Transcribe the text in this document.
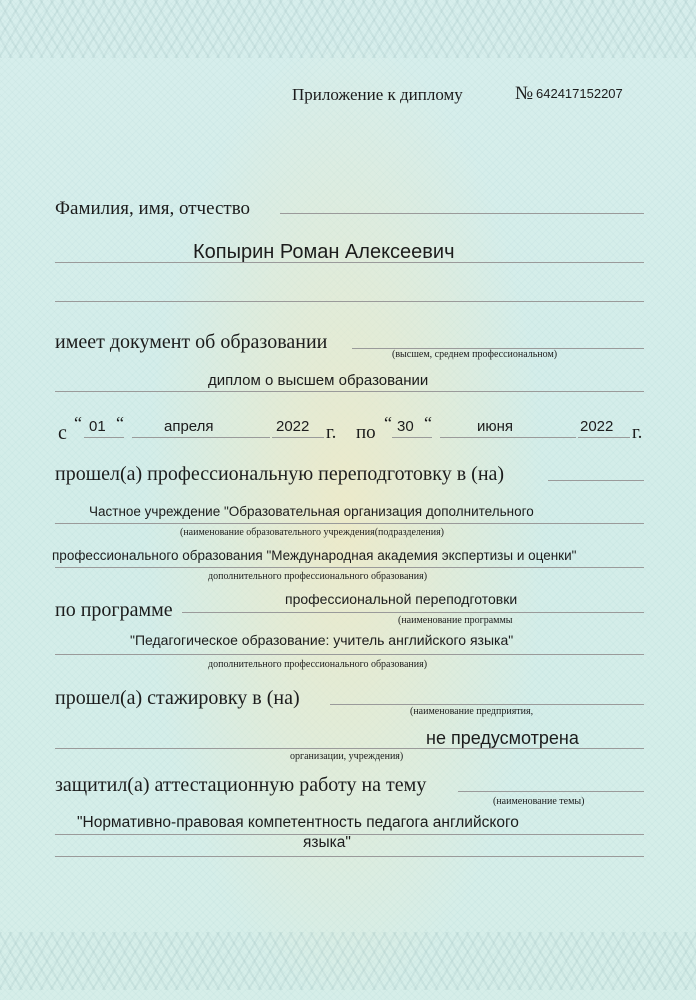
Приложение к диплому	№ 642417152207
Фамилия, имя, отчество
Копырин Роман Алексеевич
имеет документ об образовании
(высшем, среднем профессиональном)
диплом о высшем образовании
с “ 01 “	апреля	2022 г. по “ 30 “	июня	2022 г.
прошел(а) профессиональную переподготовку в (на)
Частное учреждение "Образовательная организация дополнительного
(наименование образовательного учреждения(подразделения)
профессионального образования "Международная академия экспертизы и оценки"
дополнительного профессионального образования)
по программе	профессиональной переподготовки
(наименование программы
"Педагогическое образование: учитель английского языка"
дополнительного профессионального образования)
прошел(а) стажировку в (на)
(наименование предприятия,
не предусмотрена
организации, учреждения)
защитил(а) аттестационную работу на тему
(наименование темы)
"Нормативно-правовая компетентность педагога английского
языка"
